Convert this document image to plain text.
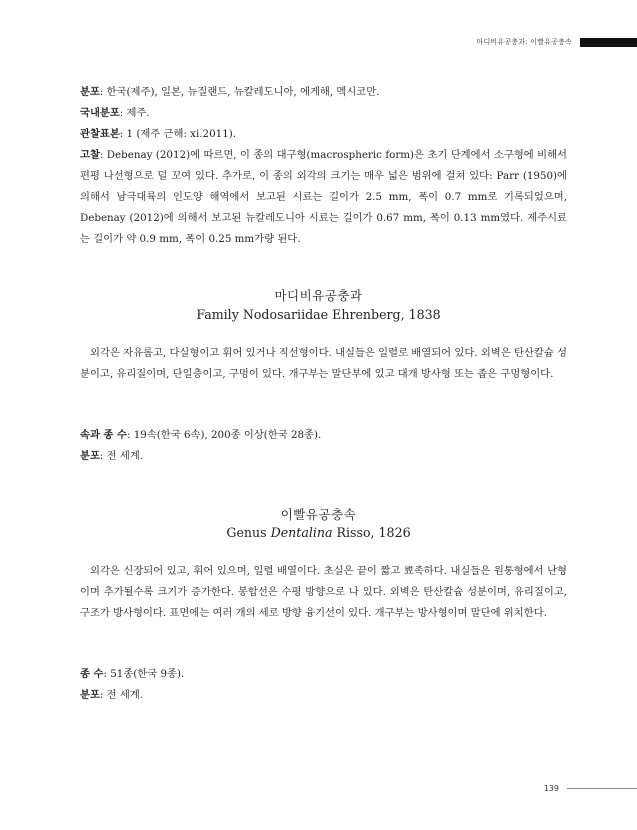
마디비유공충과: 이빨유공충속

분포: 한국(제주), 일본, 뉴질랜드, 뉴칼레도니아, 에게해, 멕시코만.

국내분포: 제주.

관찰표본: 1 (제주 근해: xi.2011).

고찰: Debenay (2012)에 따르면, 이 종의 대구형(macrospheric form)은 초기 단계에서 소구형에 비해서 편평 나선형으로 덜 꼬여 있다. 추가로, 이 종의 외각의 크기는 매우 넓은 범위에 걸쳐 있다: Parr (1950)에 의해서 남극대륙의 인도양 해역에서 보고된 시료는 길이가 2.5 mm, 폭이 0.7 mm로 기록되었으며, Debenay (2012)에 의해서 보고된 뉴칼레도니아 시료는 길이가 0.67 mm, 폭이 0.13 mm였다. 제주시료는 길이가 약 0.9 mm, 폭이 0.25 mm가량 된다.

마디비유공충과
Family Nodosariidae Ehrenberg, 1838

외각은 자유롭고, 다실형이고 휘어 있거나 직선형이다. 내실들은 일렬로 배열되어 있다. 외벽은 탄산칼슘 성분이고, 유리질이며, 단일층이고, 구멍이 있다. 개구부는 말단부에 있고 대개 방사형 또는 좁은 구멍형이다.

속과 종 수: 19속(한국 6속), 200종 이상(한국 28종).

분포: 전 세계.

이빨유공충속
Genus Dentalina Risso, 1826

외각은 신장되어 있고, 휘어 있으며, 일렬 배열이다. 초실은 끝이 짧고 뾰족하다. 내실들은 원통형에서 난형이며 추가될수록 크기가 증가한다. 봉합선은 수평 방향으로 나 있다. 외벽은 탄산칼슘 성분이며, 유리질이고, 구조가 방사형이다. 표면에는 여러 개의 세로 방향 융기선이 있다. 개구부는 방사형이며 말단에 위치한다.

종 수: 51종(한국 9종).

분포: 전 세계.

139
